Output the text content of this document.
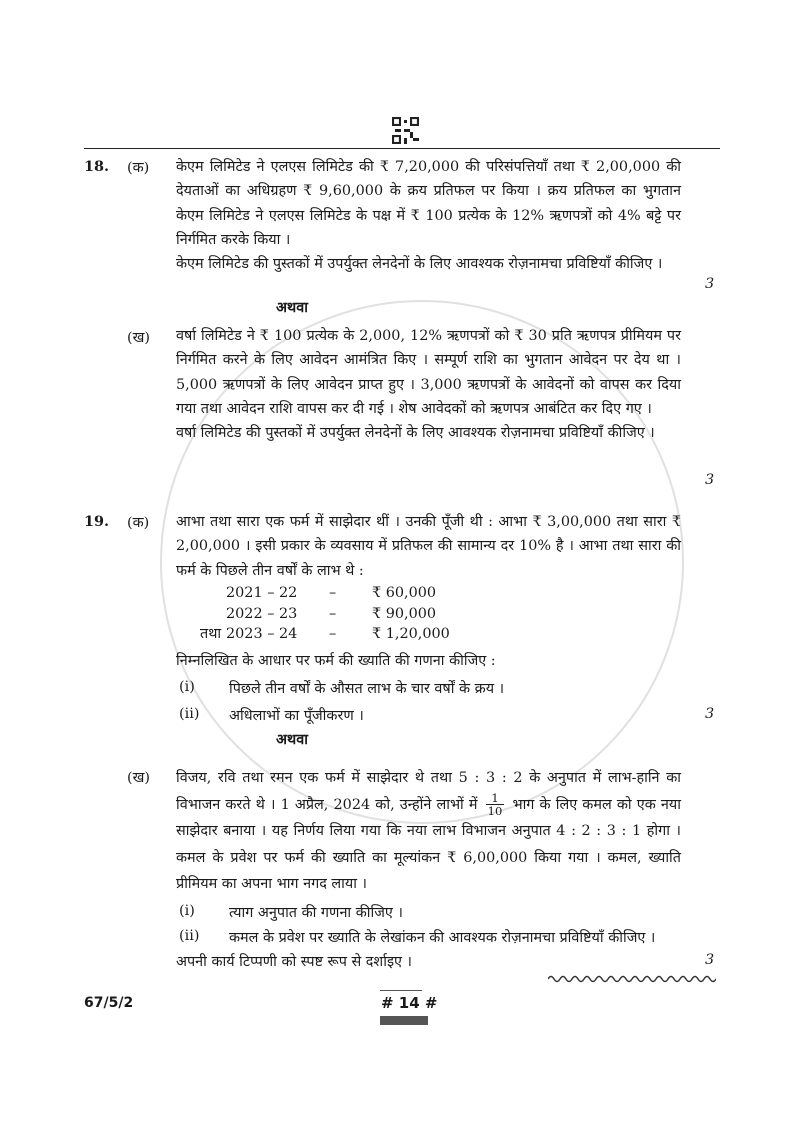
18. (क) केएम लिमिटेड ने एलएस लिमिटेड की ₹ 7,20,000 की परिसंपत्तियाँ तथा ₹ 2,00,000 की देयताओं का अधिग्रहण ₹ 9,60,000 के क्रय प्रतिफल पर किया । क्रय प्रतिफल का भुगतान केएम लिमिटेड ने एलएस लिमिटेड के पक्ष में ₹ 100 प्रत्येक के 12% ऋणपत्रों को 4% बट्टे पर निर्गमित करके किया ।

केएम लिमिटेड की पुस्तकों में उपर्युक्त लेनदेनों के लिए आवश्यक रोज़नामचा प्रविष्टियाँ कीजिए ।

3
अथवा
(ख) वर्षा लिमिटेड ने ₹ 100 प्रत्येक के 2,000, 12% ऋणपत्रों को ₹ 30 प्रति ऋणपत्र प्रीमियम पर निर्गमित करने के लिए आवेदन आमंत्रित किए । सम्पूर्ण राशि का भुगतान आवेदन पर देय था । 5,000 ऋणपत्रों के लिए आवेदन प्राप्त हुए । 3,000 ऋणपत्रों के आवेदनों को वापस कर दिया गया तथा आवेदन राशि वापस कर दी गई । शेष आवेदकों को ऋणपत्र आबंटित कर दिए गए ।

वर्षा लिमिटेड की पुस्तकों में उपर्युक्त लेनदेनों के लिए आवश्यक रोज़नामचा प्रविष्टियाँ कीजिए ।

3
19. (क) आभा तथा सारा एक फर्म में साझेदार थीं । उनकी पूँजी थी : आभा ₹ 3,00,000 तथा सारा ₹ 2,00,000 । इसी प्रकार के व्यवसाय में प्रतिफल की सामान्य दर 10% है । आभा तथा सारा की फर्म के पिछले तीन वर्षों के लाभ थे :
2021 – 22 – ₹ 60,000
2022 – 23 – ₹ 90,000
तथा 2023 – 24 – ₹ 1,20,000
निम्नलिखित के आधार पर फर्म की ख्याति की गणना कीजिए :
(i) पिछले तीन वर्षों के औसत लाभ के चार वर्षों के क्रय ।
(ii) अधिलाभों का पूँजीकरण ।	3
अथवा
(ख) विजय, रवि तथा रमन एक फर्म में साझेदार थे तथा 5 : 3 : 2 के अनुपात में लाभ-हानि का विभाजन करते थे । 1 अप्रैल, 2024 को, उन्होंने लाभों में $\frac{1}{10}$ भाग के लिए कमल को एक नया साझेदार बनाया । यह निर्णय लिया गया कि नया लाभ विभाजन अनुपात 4 : 2 : 3 : 1 होगा । कमल के प्रवेश पर फर्म की ख्याति का मूल्यांकन ₹ 6,00,000 किया गया । कमल, ख्याति प्रीमियम का अपना भाग नगद लाया ।
(i) त्याग अनुपात की गणना कीजिए ।
(ii) कमल के प्रवेश पर ख्याति के लेखांकन की आवश्यक रोज़नामचा प्रविष्टियाँ कीजिए ।
अपनी कार्य टिप्पणी को स्पष्ट रूप से दर्शाइए ।	3
67/5/2	# 14 #
